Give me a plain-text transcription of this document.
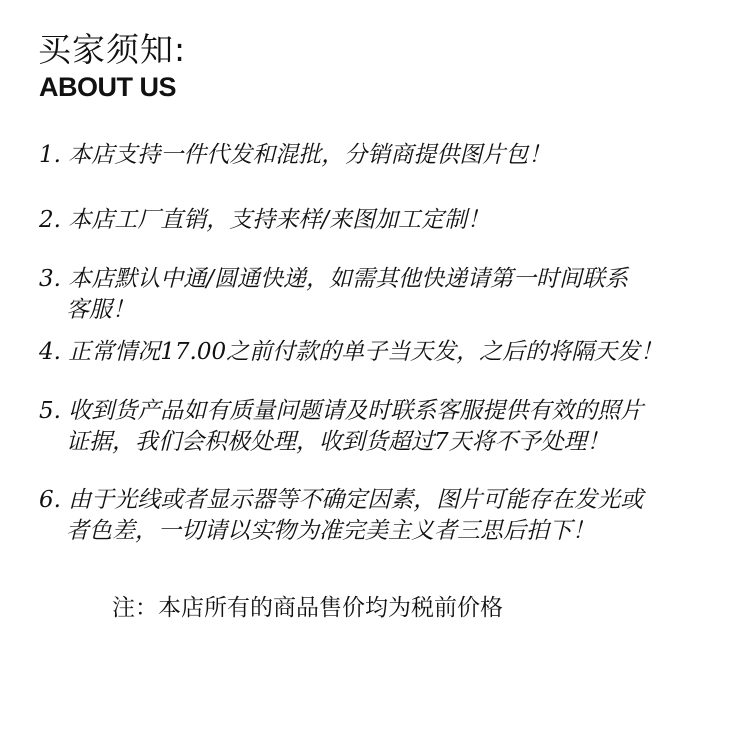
买家须知:
ABOUT US
1. 本店支持一件代发和混批，分销商提供图片包！
2. 本店工厂直销，支持来样/来图加工定制！
3. 本店默认中通/圆通快递，如需其他快递请第一时间联系
客服！
4. 正常情况17.00之前付款的单子当天发，之后的将隔天发！
5. 收到货产品如有质量问题请及时联系客服提供有效的照片
证据，我们会积极处理，收到货超过7天将不予处理！
6. 由于光线或者显示器等不确定因素，图片可能存在发光或
者色差，一切请以实物为准完美主义者三思后拍下！
注：本店所有的商品售价均为税前价格
